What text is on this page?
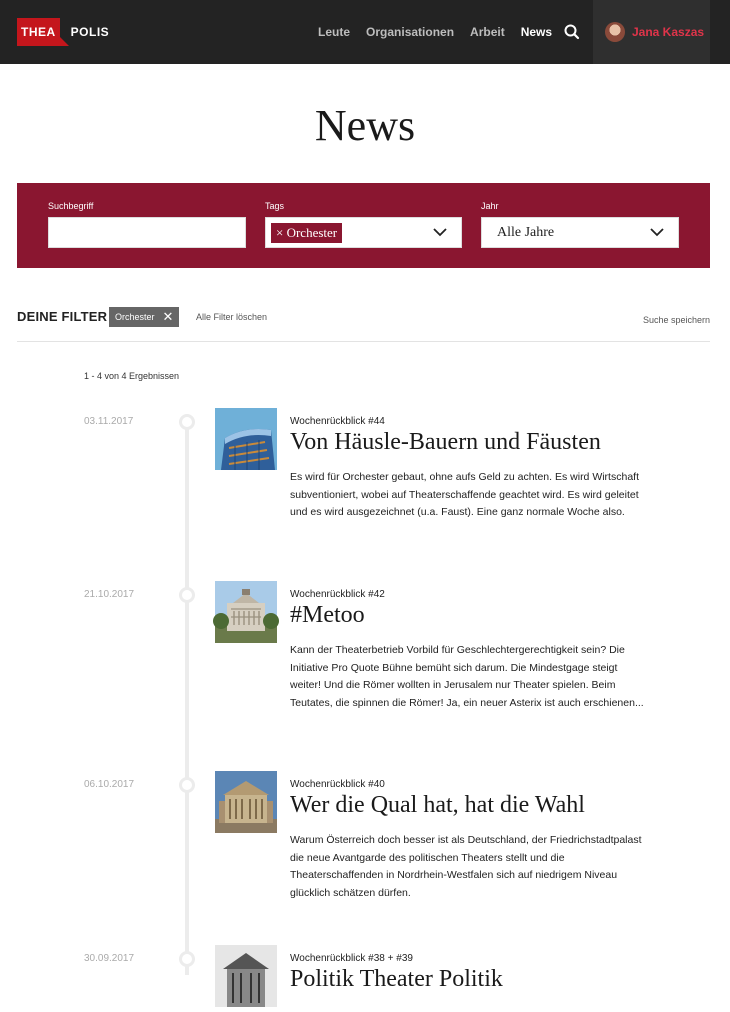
THEA	POLIS	Leute Organisationen Arbeit News	Jana Kaszas
News
Suchbegriff	Tags
× Orchester
Jahr
Alle Jahre
DEINE FILTER Orchester ✕	Alle Filter löschen	Suche speichern
1 - 4 von 4 Ergebnissen
03.11.2017	Wochenrückblick #44
Von Häusle-Bauern und Fäusten

Es wird für Orchester gebaut, ohne aufs Geld zu achten. Es wird Wirtschaft subventioniert, wobei auf Theaterschaffende geachtet wird. Es wird geleitet und es wird ausgezeichnet (u.a. Faust). Eine ganz normale Woche also.

21.10.2017	Wochenrückblick #42
#Metoo

Kann der Theaterbetrieb Vorbild für Geschlechtergerechtigkeit sein? Die Initiative Pro Quote Bühne bemüht sich darum. Die Mindestgage steigt weiter! Und die Römer wollten in Jerusalem nur Theater spielen. Beim Teutates, die spinnen die Römer! Ja, ein neuer Asterix ist auch erschienen...

06.10.2017	Wochenrückblick #40
Wer die Qual hat, hat die Wahl

Warum Österreich doch besser ist als Deutschland, der Friedrichstadtpalast die neue Avantgarde des politischen Theaters stellt und die Theaterschaffenden in Nordrhein-Westfalen sich auf niedrigem Niveau glücklich schätzen dürfen.

30.09.2017	Wochenrückblick #38 + #39
Politik Theater Politik
